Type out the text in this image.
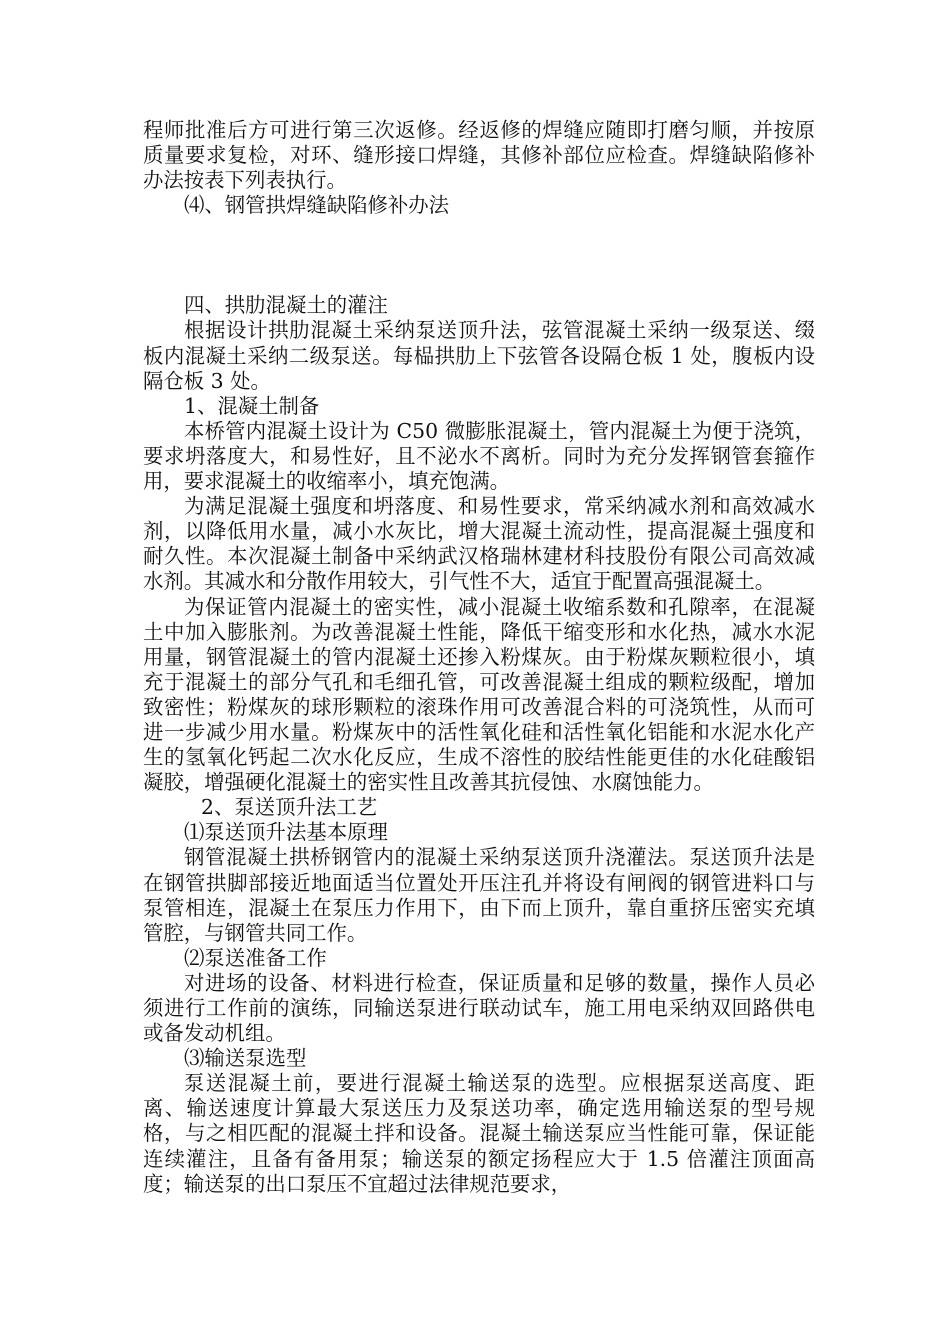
程师批准后方可进行第三次返修。经返修的焊缝应随即打磨匀顺，并按原质量要求复检，对环、缝形接口焊缝，其修补部位应检查。焊缝缺陷修补办法按表下列表执行。

⑷、钢管拱焊缝缺陷修补办法

四、拱肋混凝土的灌注

根据设计拱肋混凝土采纳泵送顶升法，弦管混凝土采纳一级泵送、缀板内混凝土采纳二级泵送。每榀拱肋上下弦管各设隔仓板 1 处，腹板内设隔仓板 3 处。

1、混凝土制备

本桥管内混凝土设计为 C50 微膨胀混凝土，管内混凝土为便于浇筑，要求坍落度大，和易性好，且不泌水不离析。同时为充分发挥钢管套箍作用，要求混凝土的收缩率小，填充饱满。

为满足混凝土强度和坍落度、和易性要求，常采纳减水剂和高效减水剂，以降低用水量，减小水灰比，增大混凝土流动性，提高混凝土强度和耐久性。本次混凝土制备中采纳武汉格瑞林建材科技股份有限公司高效减水剂。其减水和分散作用较大，引气性不大，适宜于配置高强混凝土。

为保证管内混凝土的密实性，减小混凝土收缩系数和孔隙率，在混凝土中加入膨胀剂。为改善混凝土性能，降低干缩变形和水化热，减水水泥用量，钢管混凝土的管内混凝土还掺入粉煤灰。由于粉煤灰颗粒很小，填充于混凝土的部分气孔和毛细孔管，可改善混凝土组成的颗粒级配，增加致密性；粉煤灰的球形颗粒的滚珠作用可改善混合料的可浇筑性，从而可进一步减少用水量。粉煤灰中的活性氧化硅和活性氧化铝能和水泥水化产生的氢氧化钙起二次水化反应，生成不溶性的胶结性能更佳的水化硅酸铝凝胶，增强硬化混凝土的密实性且改善其抗侵蚀、水腐蚀能力。

2、泵送顶升法工艺

⑴泵送顶升法基本原理

钢管混凝土拱桥钢管内的混凝土采纳泵送顶升浇灌法。泵送顶升法是在钢管拱脚部接近地面适当位置处开压注孔并将设有闸阀的钢管进料口与泵管相连，混凝土在泵压力作用下，由下而上顶升，靠自重挤压密实充填管腔，与钢管共同工作。

⑵泵送准备工作

对进场的设备、材料进行检查，保证质量和足够的数量，操作人员必须进行工作前的演练，同输送泵进行联动试车，施工用电采纳双回路供电或备发动机组。

⑶输送泵选型

泵送混凝土前，要进行混凝土输送泵的选型。应根据泵送高度、距离、输送速度计算最大泵送压力及泵送功率，确定选用输送泵的型号规格，与之相匹配的混凝土拌和设备。混凝土输送泵应当性能可靠，保证能连续灌注，且备有备用泵；输送泵的额定扬程应大于 1.5 倍灌注顶面高度；输送泵的出口泵压不宜超过法律规范要求，
